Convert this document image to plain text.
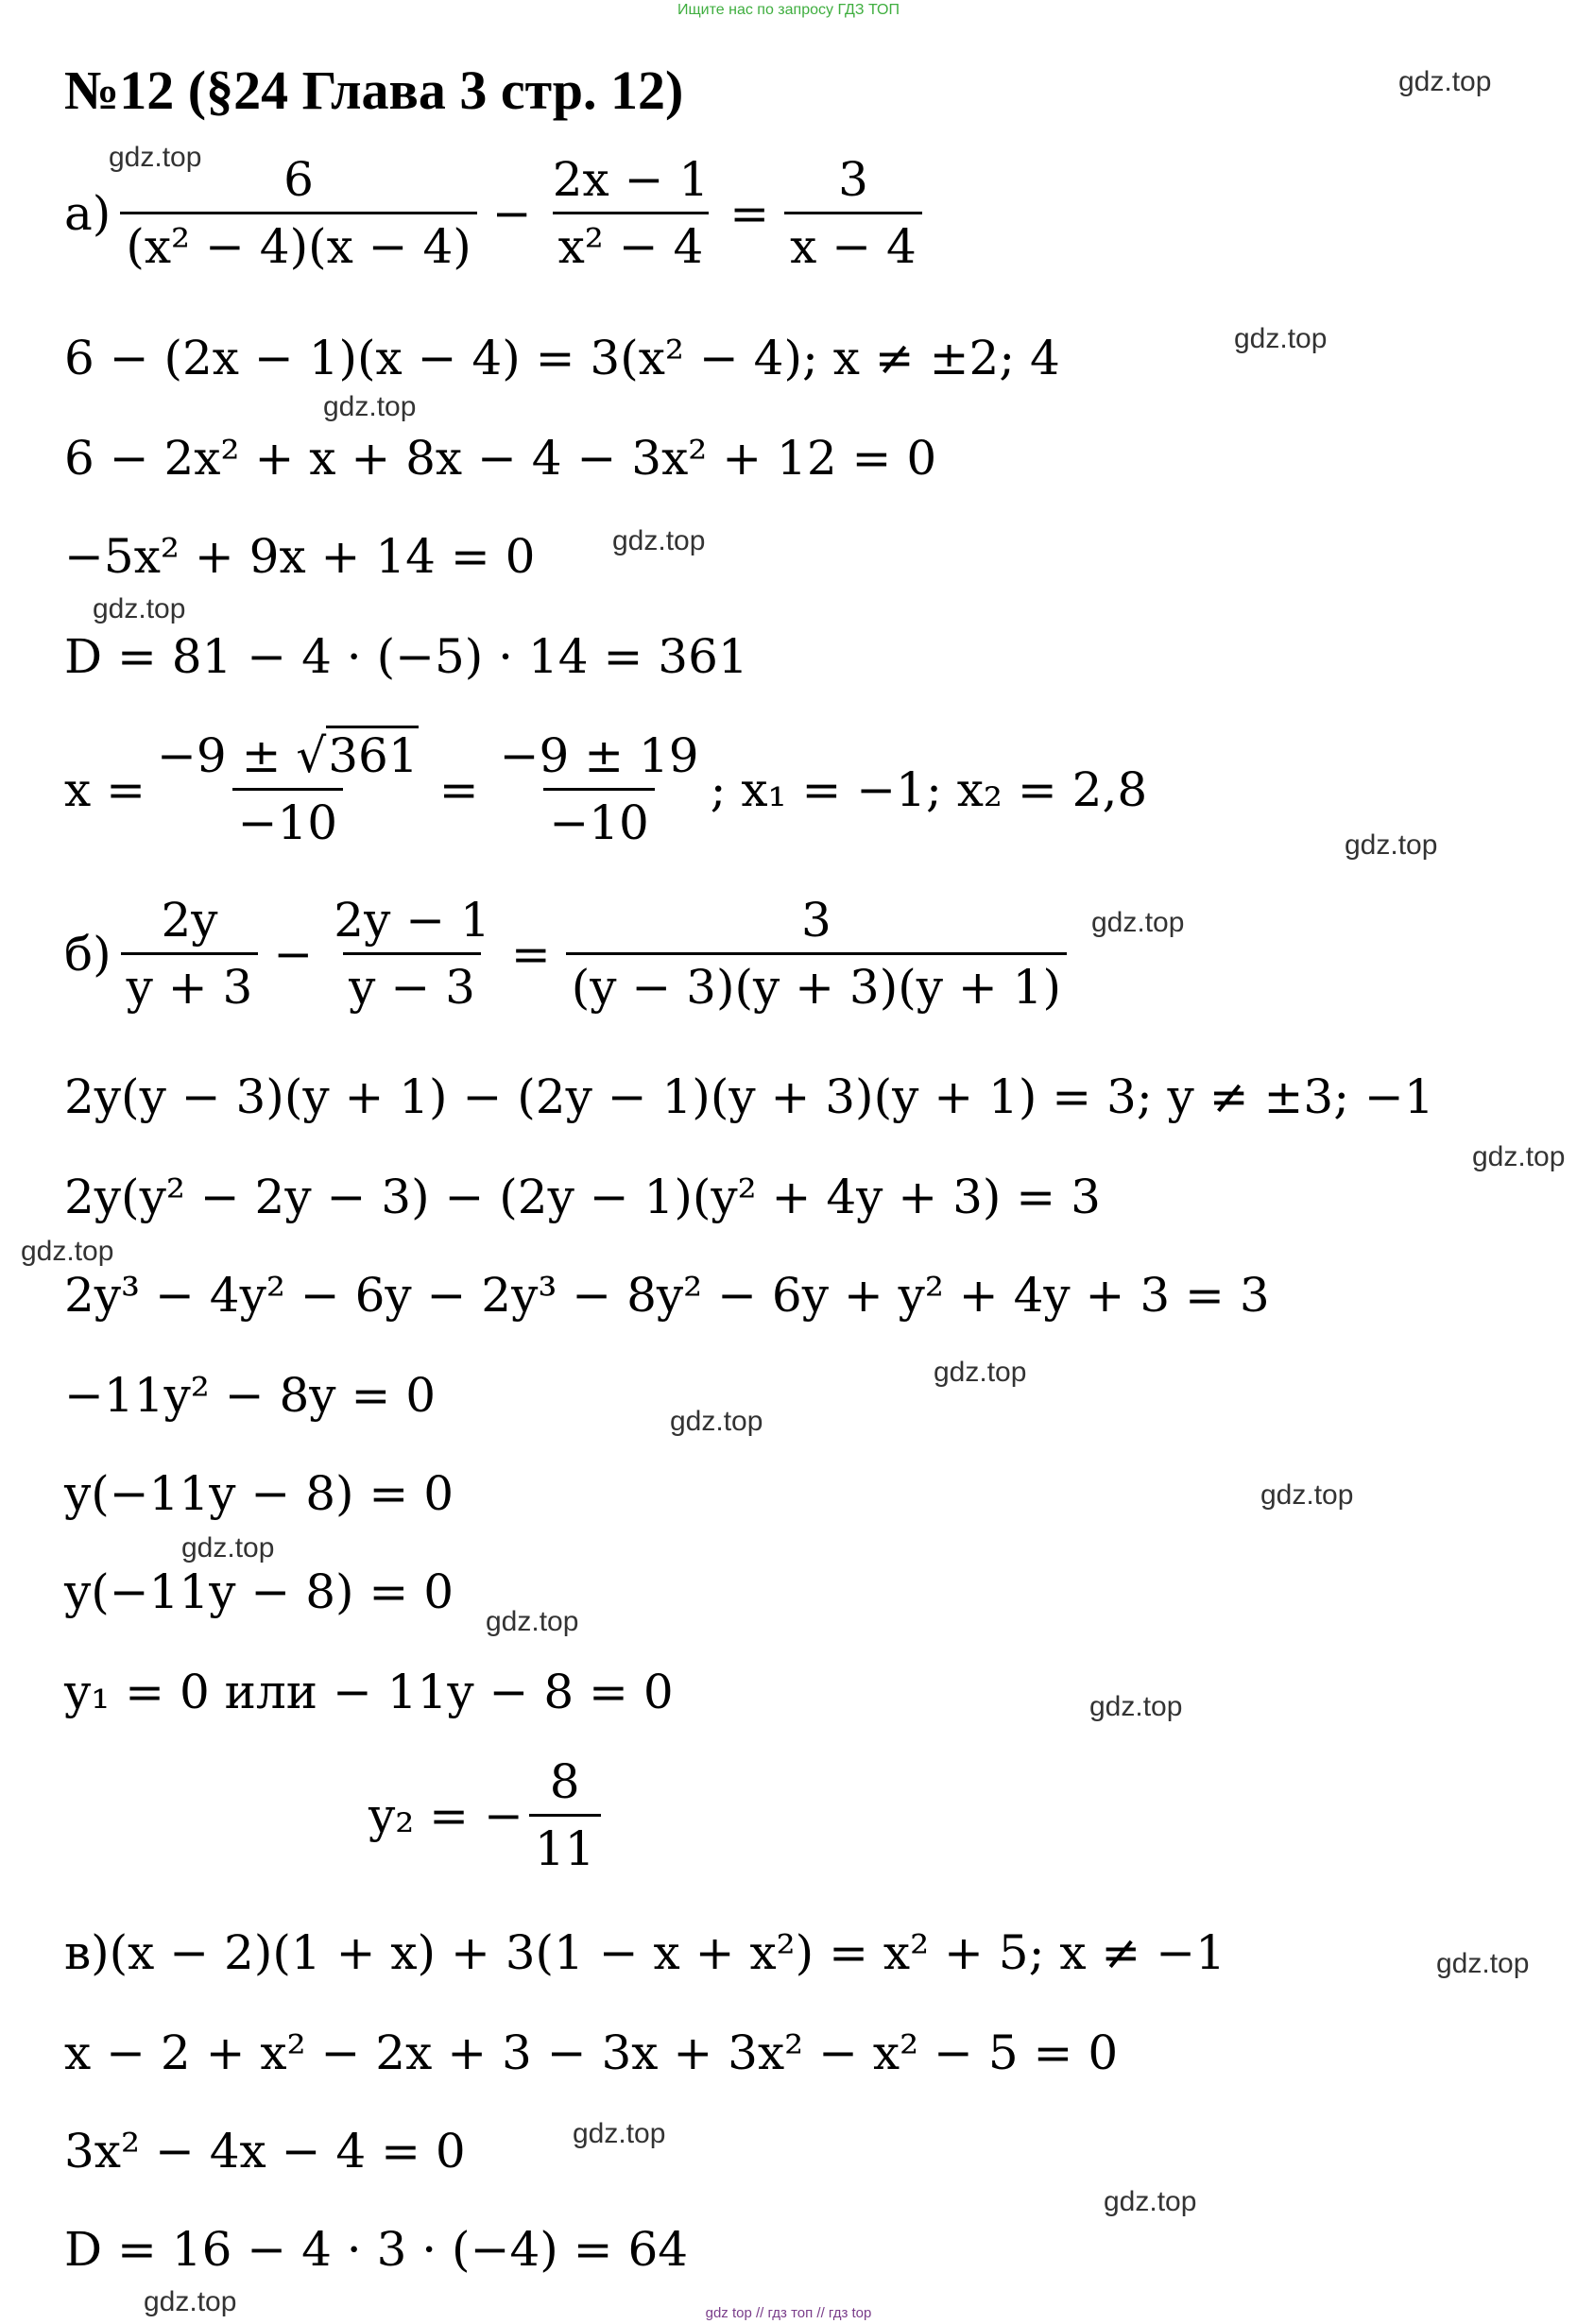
Ищите нас по запросу ГДЗ ТОП
№12 (§24 Глава 3 стр. 12)	gdz.top
gdz.top
gdz.top
gdz.top
gdz.top
gdz.top
gdz.top
gdz.top
gdz.top
gdz.top
gdz.top
gdz.top
gdz.top
gdz.top
gdz.top
gdz.top
gdz.top
gdz.top
gdz.top
gdz.top
$а) \frac{6}{\text{(x² − 4)(x − 4)}} - \frac{2x - 1}{\text{x² − 4}} = \frac{3}{x - 4}$
6 − (2x − 1)(x − 4) = 3(x² − 4); x ≠ ±2; 4
6 − 2x² + x + 8x − 4 − 3x² + 12 = 0
−5x² + 9x + 14 = 0
D = 81 − 4 · (−5) · 14 = 361
$x = \frac{-9 \pm √361}{-10} = \frac{-9 \pm 19}{-10}$ ; x₁ = −1; x₂ = 2,8
$б) \frac{2y}{y + 3} - \frac{2y - 1}{y - 3} = \frac{3}{(y - 3)(y + 3)(y + 1)}$
2y(y − 3)(y + 1) − (2y − 1)(y + 3)(y + 1) = 3; y ≠ ±3; −1
2y(y² − 2y − 3) − (2y − 1)(y² + 4y + 3) = 3
2y³ − 4y² − 6y − 2y³ − 8y² − 6y + y² + 4y + 3 = 3
−11y² − 8y = 0
y(−11y − 8) = 0
y(−11y − 8) = 0
y₁ = 0 или − 11y − 8 = 0
y₂ = − $\frac{8}{11}$
в)(x − 2)(1 + x) + 3(1 − x + x²) = x² + 5; x ≠ −1
x − 2 + x² − 2x + 3 − 3x + 3x² − x² − 5 = 0
3x² − 4x − 4 = 0
D = 16 − 4 · 3 · (−4) = 64
gdz top // гдз топ // гдз top
